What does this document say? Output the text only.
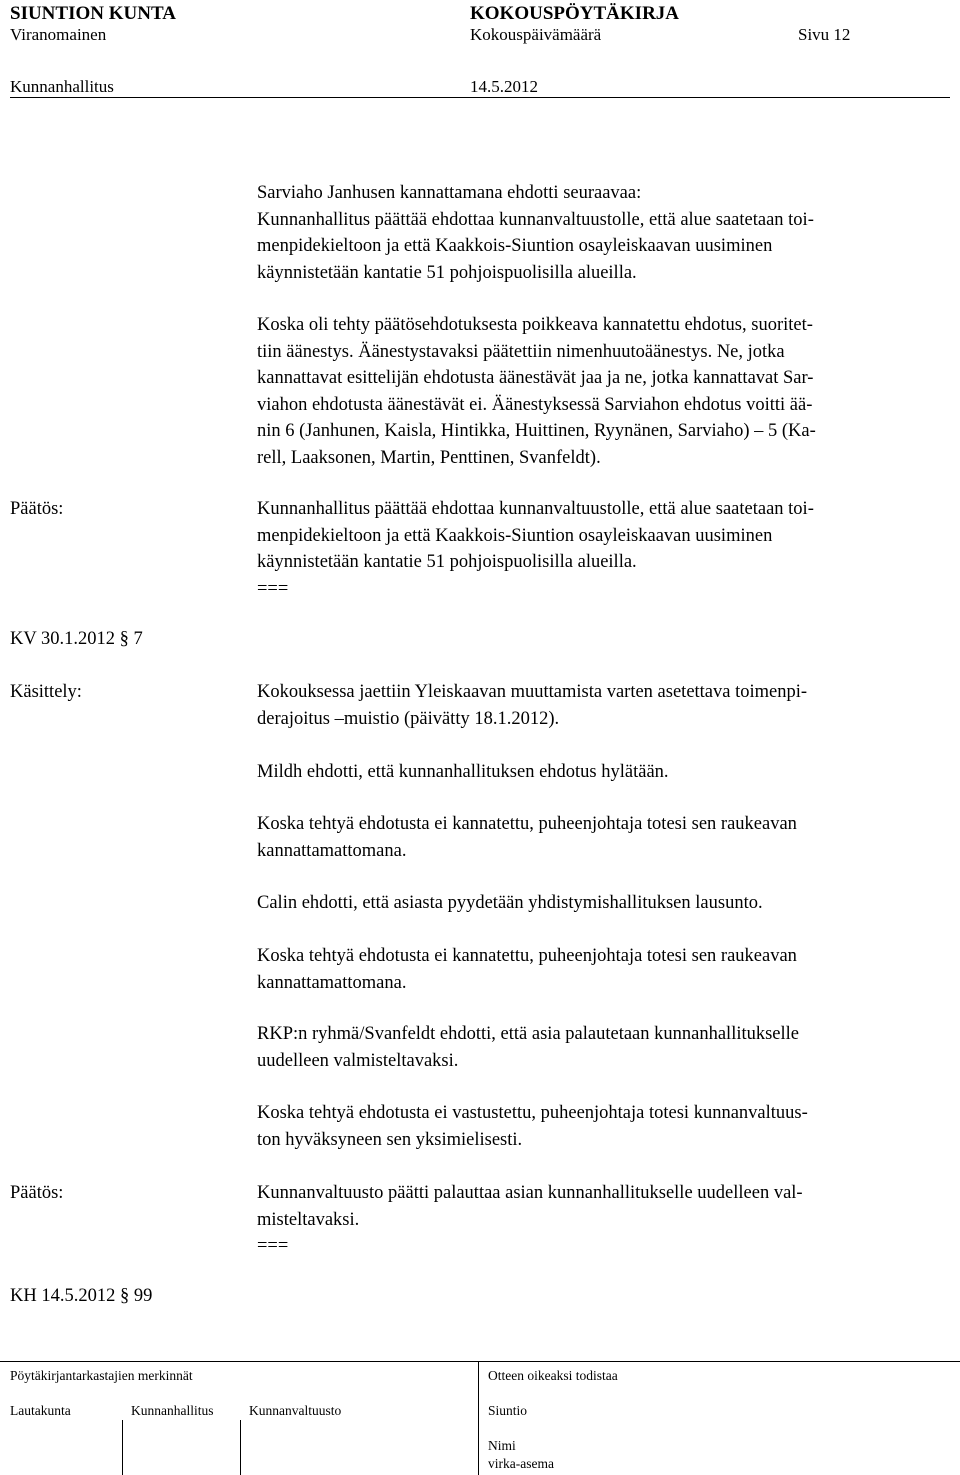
SIUNTION KUNTA	KOKOUSPÖYTÄKIRJA
Viranomainen	Kokouspäivämäärä	Sivu 12
Kunnanhallitus	14.5.2012

Sarviaho Janhusen kannattamana ehdotti seuraavaa:

Kunnanhallitus päättää ehdottaa kunnanvaltuustolle, että alue saatetaan toi-

menpidekieltoon ja että Kaakkois-Siuntion osayleiskaavan uusiminen

käynnistetään kantatie 51 pohjoispuolisilla alueilla.

Koska oli tehty päätösehdotuksesta poikkeava kannatettu ehdotus, suoritet-

tiin äänestys. Äänestystavaksi päätettiin nimenhuutoäänestys. Ne, jotka

kannattavat esittelijän ehdotusta äänestävät jaa ja ne, jotka kannattavat Sar-

viahon ehdotusta äänestävät ei. Äänestyksessä Sarviahon ehdotus voitti ää-

nin 6 (Janhunen, Kaisla, Hintikka, Huittinen, Ryynänen, Sarviaho) – 5 (Ka-

rell, Laaksonen, Martin, Penttinen, Svanfeldt).

Päätös:	Kunnanhallitus päättää ehdottaa kunnanvaltuustolle, että alue saatetaan toi-

menpidekieltoon ja että Kaakkois-Siuntion osayleiskaavan uusiminen

käynnistetään kantatie 51 pohjoispuolisilla alueilla.

===

KV 30.1.2012 § 7
Käsittely:	Kokouksessa jaettiin Yleiskaavan muuttamista varten asetettava toimenpi-

derajoitus –muistio (päivätty 18.1.2012).

Mildh ehdotti, että kunnanhallituksen ehdotus hylätään.

Koska tehtyä ehdotusta ei kannatettu, puheenjohtaja totesi sen raukeavan

kannattamattomana.

Calin ehdotti, että asiasta pyydetään yhdistymishallituksen lausunto.

Koska tehtyä ehdotusta ei kannatettu, puheenjohtaja totesi sen raukeavan

kannattamattomana.

RKP:n ryhmä/Svanfeldt ehdotti, että asia palautetaan kunnanhallitukselle

uudelleen valmisteltavaksi.

Koska tehtyä ehdotusta ei vastustettu, puheenjohtaja totesi kunnanvaltuus-

ton hyväksyneen sen yksimielisesti.

Päätös:	Kunnanvaltuusto päätti palauttaa asian kunnanhallitukselle uudelleen val-

misteltavaksi.

===

KH 14.5.2012 § 99
Pöytäkirjantarkastajien merkinnät	Otteen oikeaksi todistaa
Lautakunta	Kunnanhallitus	Kunnanvaltuusto	Siuntio
Nimi
virka-asema
